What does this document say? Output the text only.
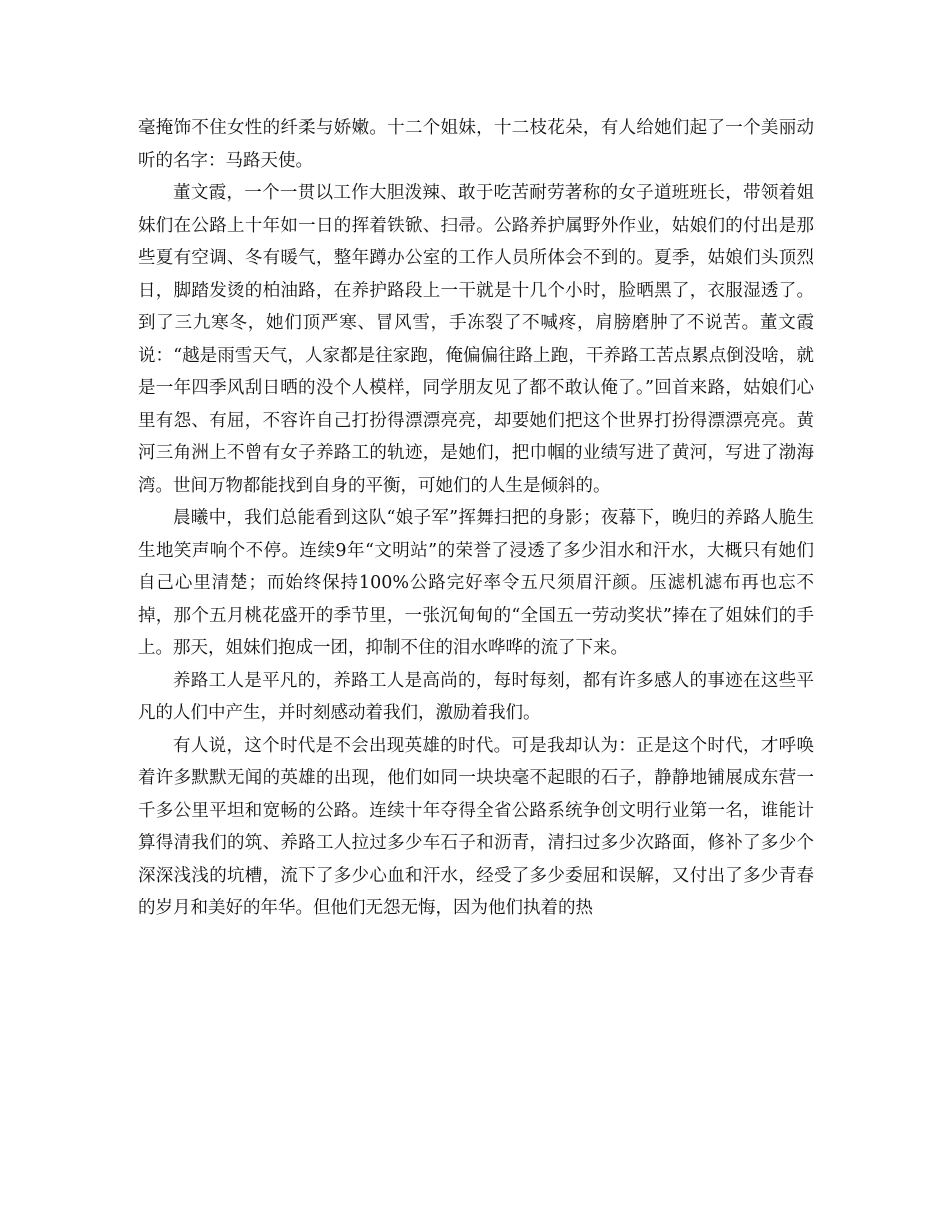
毫掩饰不住女性的纤柔与娇嫩。十二个姐妹，十二枝花朵，有人给她们起了一个美丽动听的名字：马路天使。

董文霞，一个一贯以工作大胆泼辣、敢于吃苦耐劳著称的女子道班班长，带领着姐妹们在公路上十年如一日的挥着铁锨、扫帚。公路养护属野外作业，姑娘们的付出是那些夏有空调、冬有暖气，整年蹲办公室的工作人员所体会不到的。夏季，姑娘们头顶烈日，脚踏发烫的柏油路，在养护路段上一干就是十几个小时，脸晒黑了，衣服湿透了。到了三九寒冬，她们顶严寒、冒风雪，手冻裂了不喊疼，肩膀磨肿了不说苦。董文霞说：“越是雨雪天气，人家都是往家跑，俺偏偏往路上跑，干养路工苦点累点倒没啥，就是一年四季风刮日晒的没个人模样，同学朋友见了都不敢认俺了。”回首来路，姑娘们心里有怨、有屈，不容许自己打扮得漂漂亮亮，却要她们把这个世界打扮得漂漂亮亮。黄河三角洲上不曾有女子养路工的轨迹，是她们，把巾帼的业绩写进了黄河，写进了渤海湾。世间万物都能找到自身的平衡，可她们的人生是倾斜的。

晨曦中，我们总能看到这队“娘子军”挥舞扫把的身影；夜幕下，晚归的养路人脆生生地笑声响个不停。连续9年“文明站”的荣誉了浸透了多少泪水和汗水，大概只有她们自己心里清楚；而始终保持100%公路完好率令五尺须眉汗颜。压滤机滤布再也忘不掉，那个五月桃花盛开的季节里，一张沉甸甸的“全国五一劳动奖状”捧在了姐妹们的手上。那天，姐妹们抱成一团，抑制不住的泪水哗哗的流了下来。

养路工人是平凡的，养路工人是高尚的，每时每刻，都有许多感人的事迹在这些平凡的人们中产生，并时刻感动着我们，激励着我们。

有人说，这个时代是不会出现英雄的时代。可是我却认为：正是这个时代，才呼唤着许多默默无闻的英雄的出现，他们如同一块块毫不起眼的石子，静静地铺展成东营一千多公里平坦和宽畅的公路。连续十年夺得全省公路系统争创文明行业第一名，谁能计算得清我们的筑、养路工人拉过多少车石子和沥青，清扫过多少次路面，修补了多少个深深浅浅的坑槽，流下了多少心血和汗水，经受了多少委屈和误解，又付出了多少青春的岁月和美好的年华。但他们无怨无悔，因为他们执着的热
